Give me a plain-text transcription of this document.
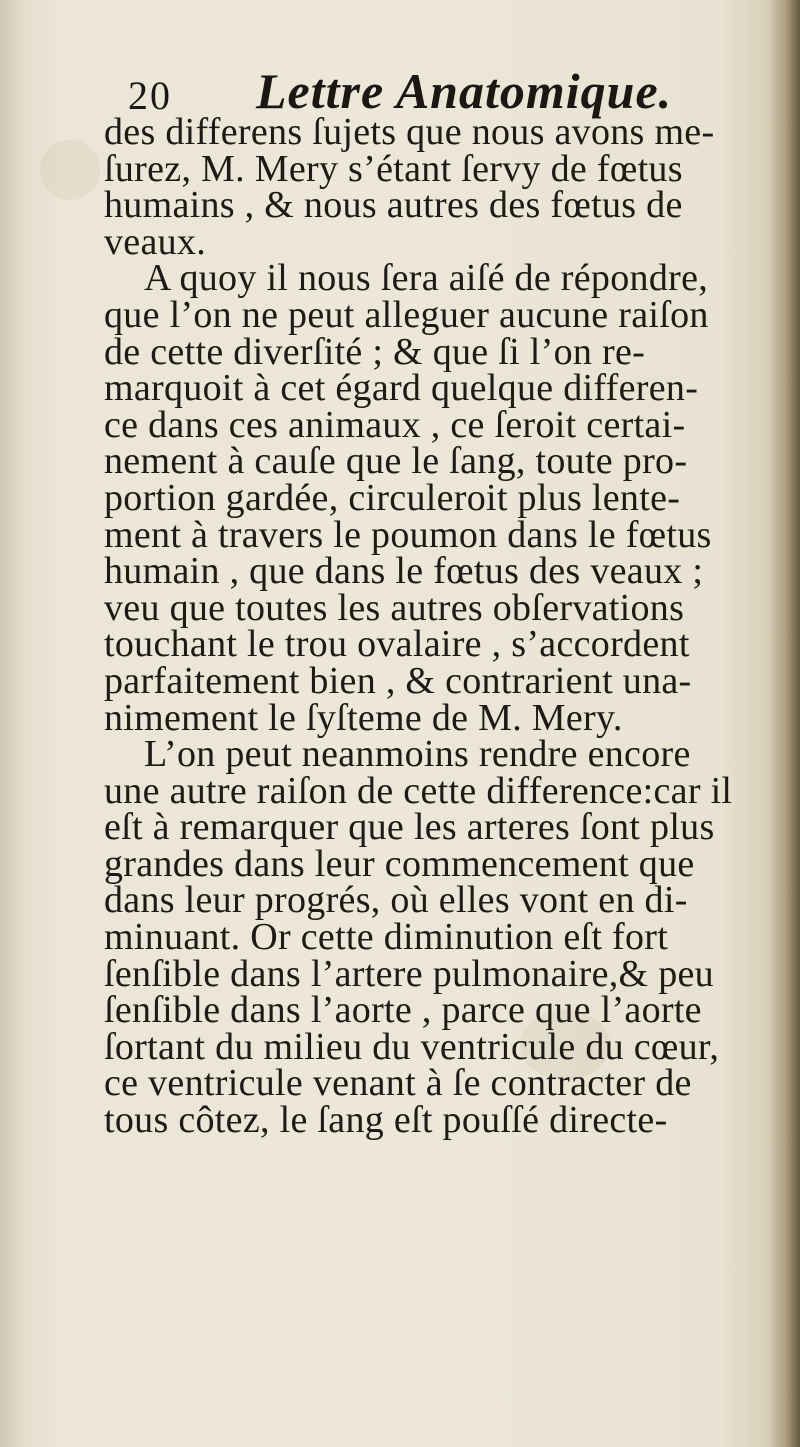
20 Lettre Anatomique.
des differens ſujets que nous avons me-
ſurez, M. Mery s’étant ſervy de fœtus
humains , & nous autres des fœtus de
veaux.
A quoy il nous ſera aiſé de répondre,
que l’on ne peut alleguer aucune raiſon
de cette diverſité ; & que ſi l’on re-
marquoit à cet égard quelque differen-
ce dans ces animaux , ce ſeroit certai-
nement à cauſe que le ſang, toute pro-
portion gardée, circuleroit plus lente-
ment à travers le poumon dans le fœtus
humain , que dans le fœtus des veaux ;
veu que toutes les autres obſervations
touchant le trou ovalaire , s’accordent
parfaitement bien , & contrarient una-
nimement le ſyſteme de M. Mery.
L’on peut neanmoins rendre encore
une autre raiſon de cette difference:car il
eſt à remarquer que les arteres ſont plus
grandes dans leur commencement que
dans leur progrés, où elles vont en di-
minuant. Or cette diminution eſt fort
ſenſible dans l’artere pulmonaire,& peu
ſenſible dans l’aorte , parce que l’aorte
ſortant du milieu du ventricule du cœur,
ce ventricule venant à ſe contracter de
tous côtez, le ſang eſt pouſſé directe-
